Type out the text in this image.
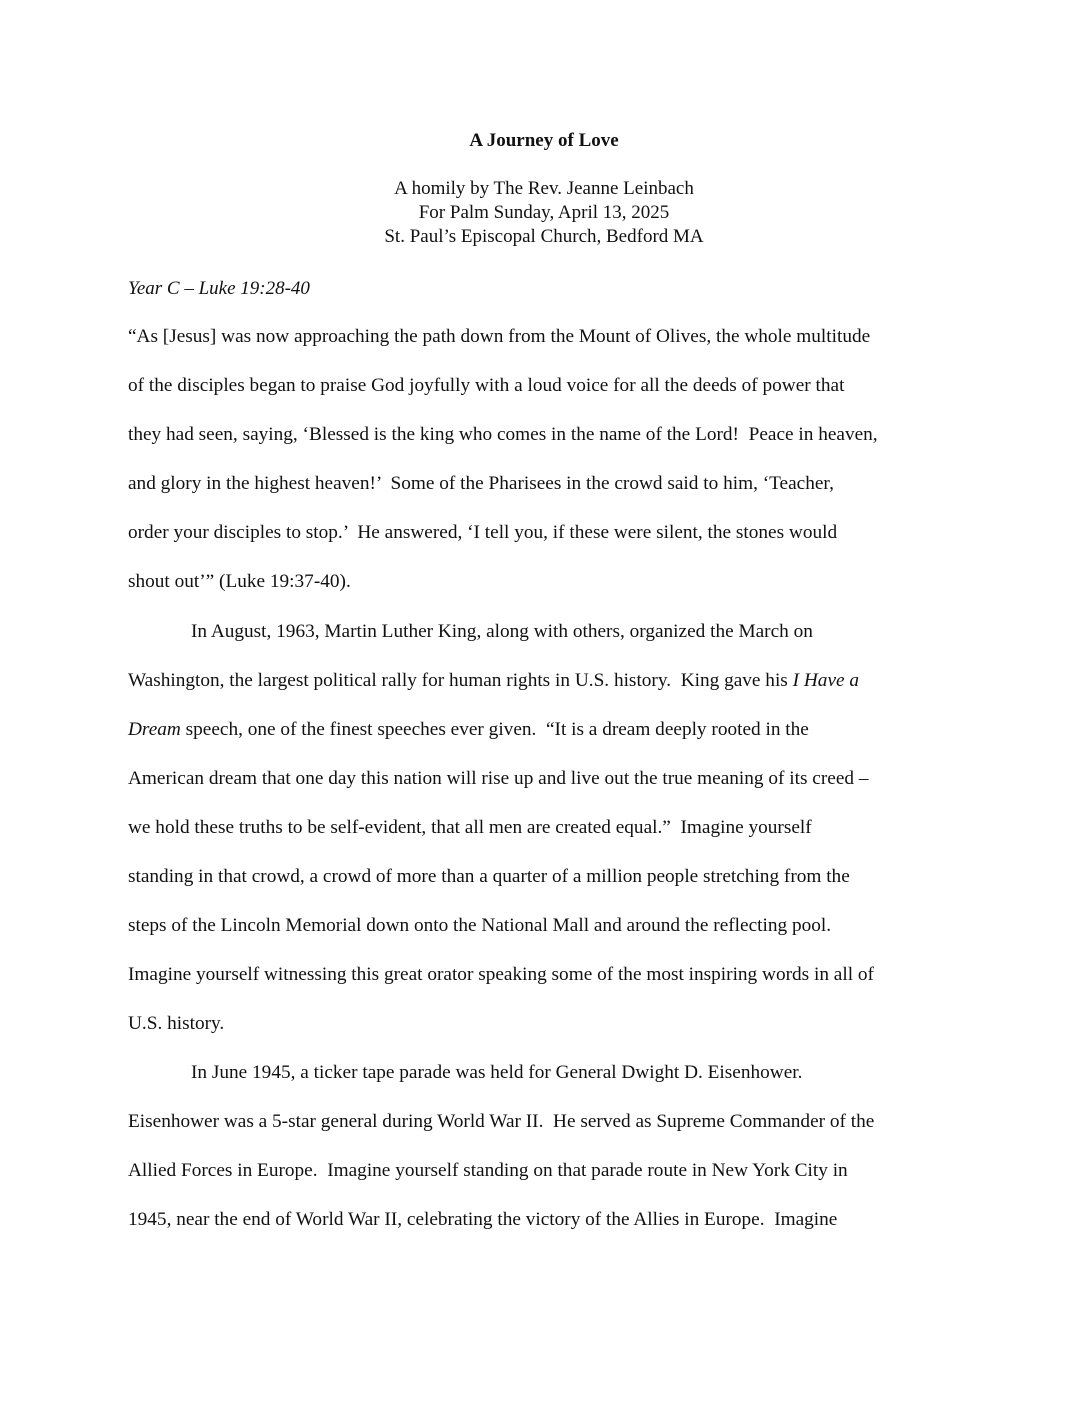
A Journey of Love
A homily by The Rev. Jeanne Leinbach
For Palm Sunday, April 13, 2025
St. Paul’s Episcopal Church, Bedford MA
Year C – Luke 19:28-40
“As [Jesus] was now approaching the path down from the Mount of Olives, the whole multitude
of the disciples began to praise God joyfully with a loud voice for all the deeds of power that
they had seen, saying, ‘Blessed is the king who comes in the name of the Lord!  Peace in heaven,
and glory in the highest heaven!’  Some of the Pharisees in the crowd said to him, ‘Teacher,
order your disciples to stop.’  He answered, ‘I tell you, if these were silent, the stones would
shout out’” (Luke 19:37-40).
In August, 1963, Martin Luther King, along with others, organized the March on
Washington, the largest political rally for human rights in U.S. history.  King gave his I Have a
Dream speech, one of the finest speeches ever given.  “It is a dream deeply rooted in the
American dream that one day this nation will rise up and live out the true meaning of its creed –
we hold these truths to be self-evident, that all men are created equal.”  Imagine yourself
standing in that crowd, a crowd of more than a quarter of a million people stretching from the
steps of the Lincoln Memorial down onto the National Mall and around the reflecting pool.
Imagine yourself witnessing this great orator speaking some of the most inspiring words in all of
U.S. history.
In June 1945, a ticker tape parade was held for General Dwight D. Eisenhower.
Eisenhower was a 5-star general during World War II.  He served as Supreme Commander of the
Allied Forces in Europe.  Imagine yourself standing on that parade route in New York City in
1945, near the end of World War II, celebrating the victory of the Allies in Europe.  Imagine
